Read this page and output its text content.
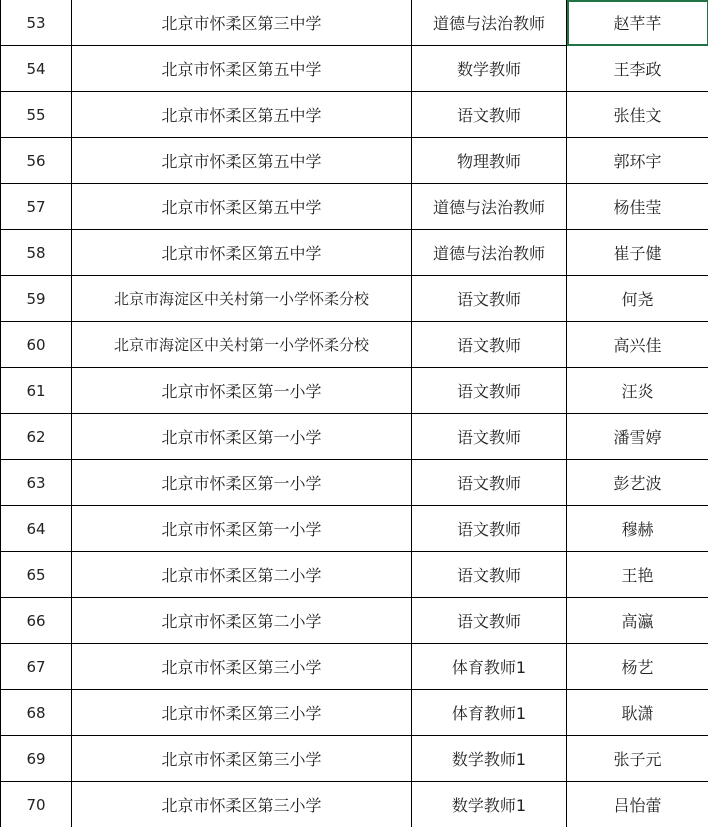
53	北京市怀柔区第三中学	道德与法治教师	赵芊芊
54	北京市怀柔区第五中学	数学教师	王李政
55	北京市怀柔区第五中学	语文教师	张佳文
56	北京市怀柔区第五中学	物理教师	郭环宇
57	北京市怀柔区第五中学	道德与法治教师	杨佳莹
58	北京市怀柔区第五中学	道德与法治教师	崔子健
59	北京市海淀区中关村第一小学怀柔分校	语文教师	何尧
60	北京市海淀区中关村第一小学怀柔分校	语文教师	高兴佳
61	北京市怀柔区第一小学	语文教师	汪炎
62	北京市怀柔区第一小学	语文教师	潘雪婷
63	北京市怀柔区第一小学	语文教师	彭艺波
64	北京市怀柔区第一小学	语文教师	穆赫
65	北京市怀柔区第二小学	语文教师	王艳
66	北京市怀柔区第二小学	语文教师	高瀛
67	北京市怀柔区第三小学	体育教师1	杨艺
68	北京市怀柔区第三小学	体育教师1	耿潇
69	北京市怀柔区第三小学	数学教师1	张子元
70	北京市怀柔区第三小学	数学教师1	吕怡蕾
